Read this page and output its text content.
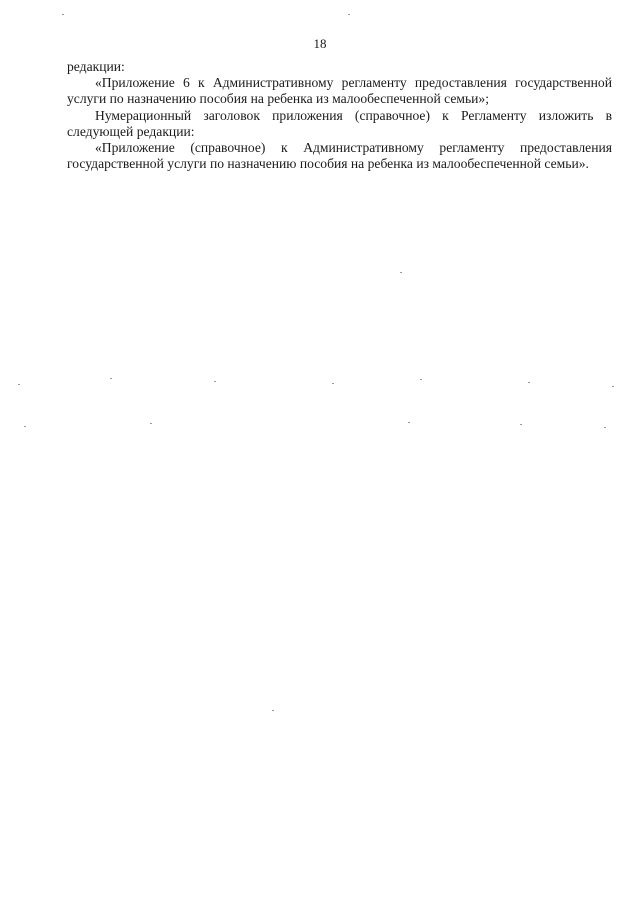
18

редакции:

«Приложение 6 к Административному регламенту предоставления государственной услуги по назначению пособия на ребенка из малообеспеченной семьи»;

Нумерационный заголовок приложения (справочное) к Регламенту изложить в следующей редакции:

«Приложение (справочное) к Административному регламенту предоставления государственной услуги по назначению пособия на ребенка из малообеспеченной семьи».
